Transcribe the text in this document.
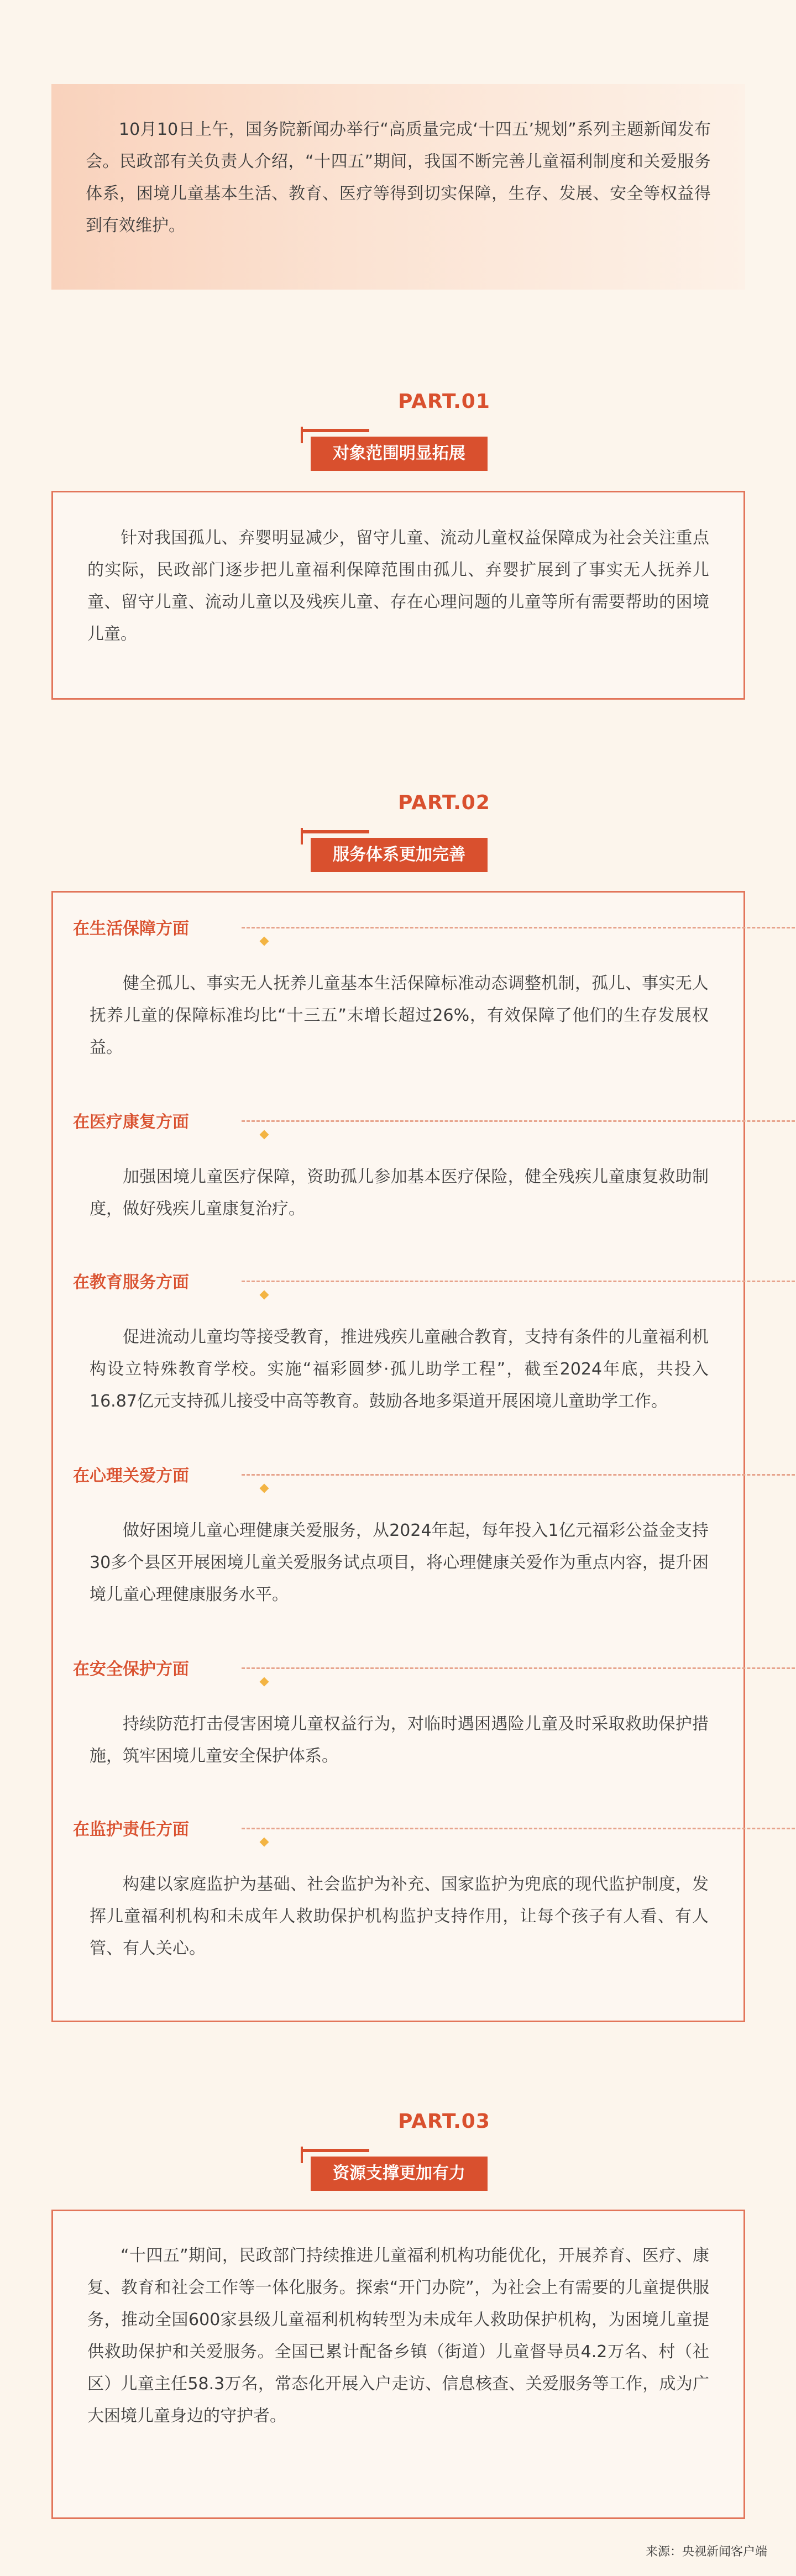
10月10日上午，国务院新闻办举行“高质量完成‘十四五’规划”系列主题新闻发布会。民政部有关负责人介绍，“十四五”期间，我国不断完善儿童福利制度和关爱服务体系，困境儿童基本生活、教育、医疗等得到切实保障，生存、发展、安全等权益得到有效维护。

PART.01
对象范围明显拓展

针对我国孤儿、弃婴明显减少，留守儿童、流动儿童权益保障成为社会关注重点的实际，民政部门逐步把儿童福利保障范围由孤儿、弃婴扩展到了事实无人抚养儿童、留守儿童、流动儿童以及残疾儿童、存在心理问题的儿童等所有需要帮助的困境儿童。

PART.02
服务体系更加完善
在生活保障方面

健全孤儿、事实无人抚养儿童基本生活保障标准动态调整机制，孤儿、事实无人抚养儿童的保障标准均比“十三五”末增长超过26%，有效保障了他们的生存发展权益。

在医疗康复方面

加强困境儿童医疗保障，资助孤儿参加基本医疗保险，健全残疾儿童康复救助制度，做好残疾儿童康复治疗。

在教育服务方面

促进流动儿童均等接受教育，推进残疾儿童融合教育，支持有条件的儿童福利机构设立特殊教育学校。实施“福彩圆梦·孤儿助学工程”，截至2024年底，共投入16.87亿元支持孤儿接受中高等教育。鼓励各地多渠道开展困境儿童助学工作。

在心理关爱方面

做好困境儿童心理健康关爱服务，从2024年起，每年投入1亿元福彩公益金支持30多个县区开展困境儿童关爱服务试点项目，将心理健康关爱作为重点内容，提升困境儿童心理健康服务水平。

在安全保护方面

持续防范打击侵害困境儿童权益行为，对临时遇困遇险儿童及时采取救助保护措施，筑牢困境儿童安全保护体系。

在监护责任方面

构建以家庭监护为基础、社会监护为补充、国家监护为兜底的现代监护制度，发挥儿童福利机构和未成年人救助保护机构监护支持作用，让每个孩子有人看、有人管、有人关心。

PART.03
资源支撑更加有力

“十四五”期间，民政部门持续推进儿童福利机构功能优化，开展养育、医疗、康复、教育和社会工作等一体化服务。探索“开门办院”，为社会上有需要的儿童提供服务，推动全国600家县级儿童福利机构转型为未成年人救助保护机构，为困境儿童提供救助保护和关爱服务。全国已累计配备乡镇（街道）儿童督导员4.2万名、村（社区）儿童主任58.3万名，常态化开展入户走访、信息核查、关爱服务等工作，成为广大困境儿童身边的守护者。

来源：央视新闻客户端
